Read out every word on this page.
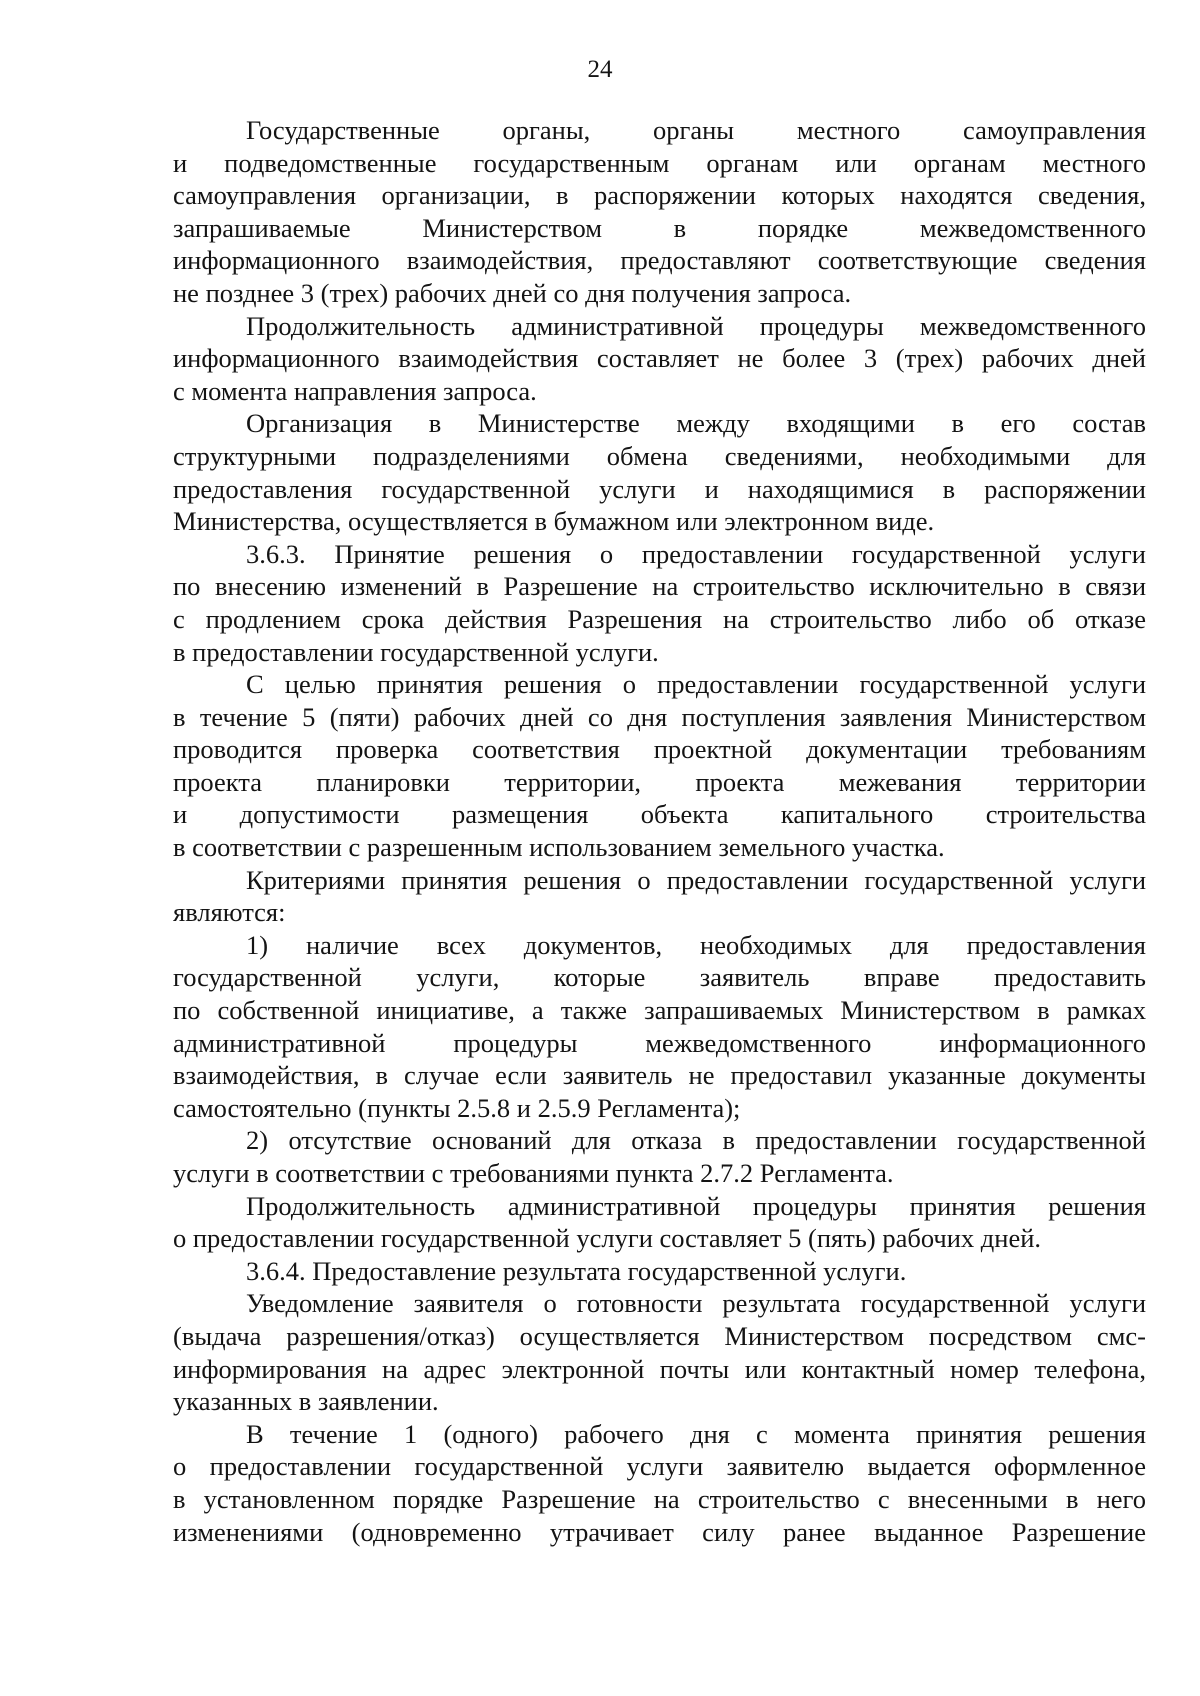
24
Государственные органы, органы местного самоуправления
и подведомственные государственным органам или органам местного
самоуправления организации, в распоряжении которых находятся сведения,
запрашиваемые Министерством в порядке межведомственного
информационного взаимодействия, предоставляют соответствующие сведения
не позднее 3 (трех) рабочих дней со дня получения запроса.
Продолжительность административной процедуры межведомственного
информационного взаимодействия составляет не более 3 (трех) рабочих дней
с момента направления запроса.
Организация в Министерстве между входящими в его состав
структурными подразделениями обмена сведениями, необходимыми для
предоставления государственной услуги и находящимися в распоряжении
Министерства, осуществляется в бумажном или электронном виде.
3.6.3. Принятие решения о предоставлении государственной услуги
по внесению изменений в Разрешение на строительство исключительно в связи
с продлением срока действия Разрешения на строительство либо об отказе
в предоставлении государственной услуги.
С целью принятия решения о предоставлении государственной услуги
в течение 5 (пяти) рабочих дней со дня поступления заявления Министерством
проводится проверка соответствия проектной документации требованиям
проекта планировки территории, проекта межевания территории
и допустимости размещения объекта капитального строительства
в соответствии с разрешенным использованием земельного участка.
Критериями принятия решения о предоставлении государственной услуги
являются:
1) наличие всех документов, необходимых для предоставления
государственной услуги, которые заявитель вправе предоставить
по собственной инициативе, а также запрашиваемых Министерством в рамках
административной процедуры межведомственного информационного
взаимодействия, в случае если заявитель не предоставил указанные документы
самостоятельно (пункты 2.5.8 и 2.5.9 Регламента);
2) отсутствие оснований для отказа в предоставлении государственной
услуги в соответствии с требованиями пункта 2.7.2 Регламента.
Продолжительность административной процедуры принятия решения
о предоставлении государственной услуги составляет 5 (пять) рабочих дней.
3.6.4. Предоставление результата государственной услуги.
Уведомление заявителя о готовности результата государственной услуги
(выдача разрешения/отказ) осуществляется Министерством посредством смс-
информирования на адрес электронной почты или контактный номер телефона,
указанных в заявлении.
В течение 1 (одного) рабочего дня с момента принятия решения
о предоставлении государственной услуги заявителю выдается оформленное
в установленном порядке Разрешение на строительство с внесенными в него
изменениями (одновременно утрачивает силу ранее выданное Разрешение
